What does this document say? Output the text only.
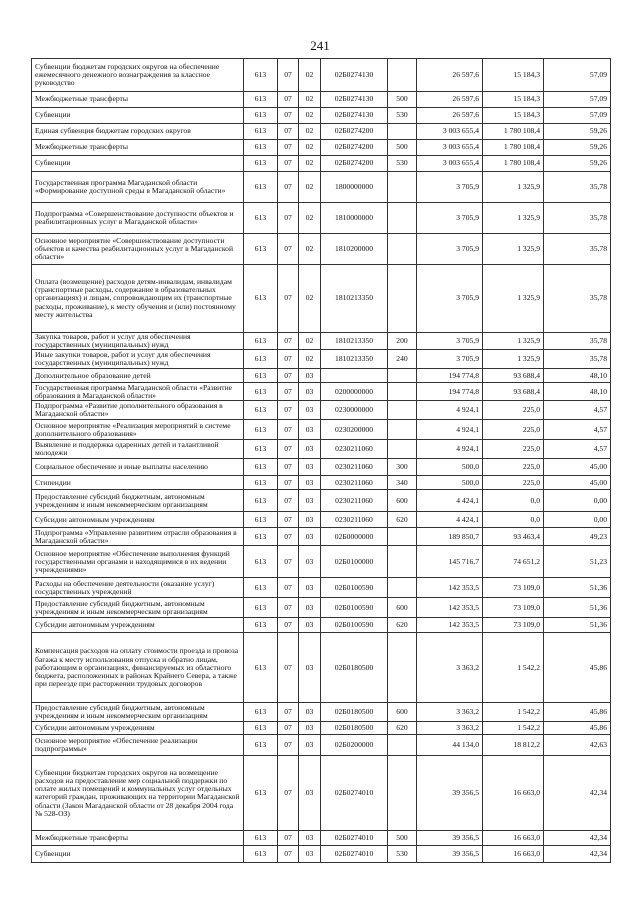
241
Субвенции бюджетам городских округов на обеспечение ежемесячного денежного вознаграждения за классное руководство	613	07	02	02Б0274130		26 597,6	15 184,3	57,09
Межбюджетные трансферты	613	07	02	02Б0274130	500	26 597,6	15 184,3	57,09
Субвенции	613	07	02	02Б0274130	530	26 597,6	15 184,3	57,09
Единая субвенция бюджетам городских округов	613	07	02	02Б0274200		3 003 655,4	1 780 108,4	59,26
Межбюджетные трансферты	613	07	02	02Б0274200	500	3 003 655,4	1 780 108,4	59,26
Субвенции	613	07	02	02Б0274200	530	3 003 655,4	1 780 108,4	59,26
Государственная программа Магаданской области «Формирование доступной среды в Магаданской области»	613	07	02	1800000000		3 705,9	1 325,9	35,78
Подпрограмма «Совершенствование доступности объектов и реабилитационных услуг в Магаданской области»	613	07	02	1810000000		3 705,9	1 325,9	35,78
Основное мероприятие «Совершенствование доступности объектов и качества реабилитационных услуг в Магаданской области»	613	07	02	1810200000		3 705,9	1 325,9	35,78
Оплата (возмещение) расходов детям-инвалидам, инвалидам (транспортные расходы, содержание в образовательных организациях) и лицам, сопровождающим их (транспортные расходы, проживание), к месту обучения и (или) постоянному месту жительства	613	07	02	1810213350		3 705,9	1 325,9	35,78
Закупка товаров, работ и услуг для обеспечения государственных (муниципальных) нужд	613	07	02	1810213350	200	3 705,9	1 325,9	35,78
Иные закупки товаров, работ и услуг для обеспечения государственных (муниципальных) нужд	613	07	02	1810213350	240	3 705,9	1 325,9	35,78
Дополнительное образование детей	613	07	03			194 774,8	93 688,4	48,10
Государственная программа Магаданской области «Развитие образования в Магаданской области»	613	07	03	0200000000		194 774,8	93 688,4	48,10
Подпрограмма «Развитие дополнительного образования в Магаданской области»	613	07	03	0230000000		4 924,1	225,0	4,57
Основное мероприятие «Реализация мероприятий в системе дополнительного образования»	613	07	03	0230200000		4 924,1	225,0	4,57
Выявление и поддержка одаренных детей и талантливой молодежи	613	07	03	0230211060		4 924,1	225,0	4,57
Социальное обеспечение и иные выплаты населению	613	07	03	0230211060	300	500,0	225,0	45,00
Стипендии	613	07	03	0230211060	340	500,0	225,0	45,00
Предоставление субсидий бюджетным, автономным учреждениям и иным некоммерческим организациям	613	07	03	0230211060	600	4 424,1	0,0	0,00
Субсидии автономным учреждениям	613	07	03	0230211060	620	4 424,1	0,0	0,00
Подпрограмма «Управление развитием отрасли образования в Магаданской области»	613	07	03	02Б0000000		189 850,7	93 463,4	49,23
Основное мероприятие «Обеспечение выполнения функций государственными органами и находящимися в их ведении учреждениями»	613	07	03	02Б0100000		145 716,7	74 651,2	51,23
Расходы на обеспечение деятельности (оказание услуг) государственных учреждений	613	07	03	02Б0100590		142 353,5	73 109,0	51,36
Предоставление субсидий бюджетным, автономным учреждениям и иным некоммерческим организациям	613	07	03	02Б0100590	600	142 353,5	73 109,0	51,36
Субсидии автономным учреждениям	613	07	03	02Б0100590	620	142 353,5	73 109,0	51,36
Компенсация расходов на оплату стоимости проезда и провоза багажа к месту использования отпуска и обратно лицам, работающим в организациях, финансируемых из областного бюджета, расположенных в районах Крайнего Севера, а также при переезде при расторжении трудовых договоров	613	07	03	02Б0180500		3 363,2	1 542,2	45,86
Предоставление субсидий бюджетным, автономным учреждениям и иным некоммерческим организациям	613	07	03	02Б0180500	600	3 363,2	1 542,2	45,86
Субсидии автономным учреждениям	613	07	03	02Б0180500	620	3 363,2	1 542,2	45,86
Основное мероприятие «Обеспечение реализации подпрограммы»	613	07	03	02Б0200000		44 134,0	18 812,2	42,63
Субвенции бюджетам городских округов на возмещение расходов на предоставление мер социальной поддержки по оплате жилых помещений и коммунальных услуг отдельных категорий граждан, проживающих на территории Магаданской области (Закон Магаданской области от 28 декабря 2004 года № 528-ОЗ)	613	07	03	02Б0274010		39 356,5	16 663,0	42,34
Межбюджетные трансферты	613	07	03	02Б0274010	500	39 356,5	16 663,0	42,34
Субвенции	613	07	03	02Б0274010	530	39 356,5	16 663,0	42,34
